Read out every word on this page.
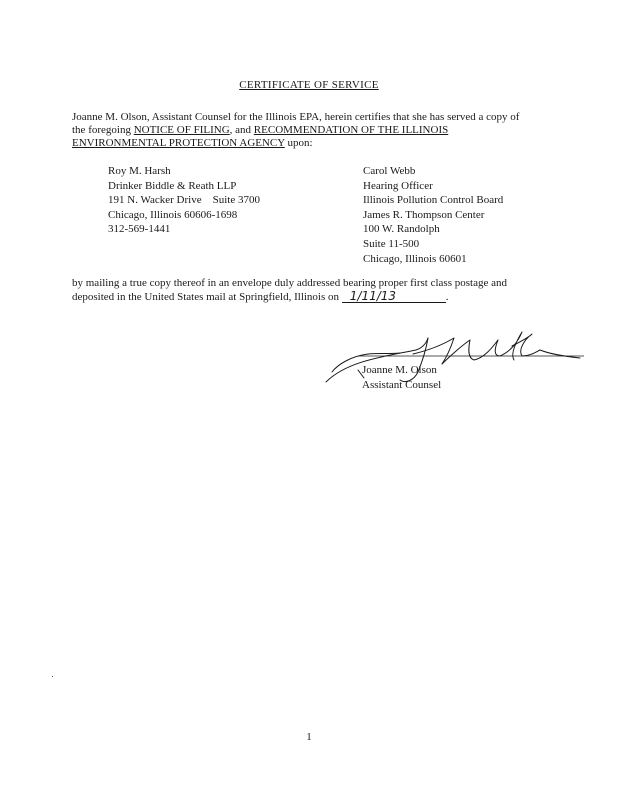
CERTIFICATE OF SERVICE
Joanne M. Olson, Assistant Counsel for the Illinois EPA, herein certifies that she has served a copy of the foregoing NOTICE OF FILING, and RECOMMENDATION OF THE ILLINOIS ENVIRONMENTAL PROTECTION AGENCY upon:
Roy M. Harsh
Drinker Biddle & Reath LLP
191 N. Wacker Drive    Suite 3700
Chicago, Illinois 60606-1698
312-569-1441
Carol Webb
Hearing Officer
Illinois Pollution Control Board
James R. Thompson Center
100 W. Randolph
Suite 11-500
Chicago, Illinois 60601
by mailing a true copy thereof in an envelope duly addressed bearing proper first class postage and deposited in the United States mail at Springfield, Illinois on 1/11/13	.
Joanne M. Olson
Assistant Counsel
1
